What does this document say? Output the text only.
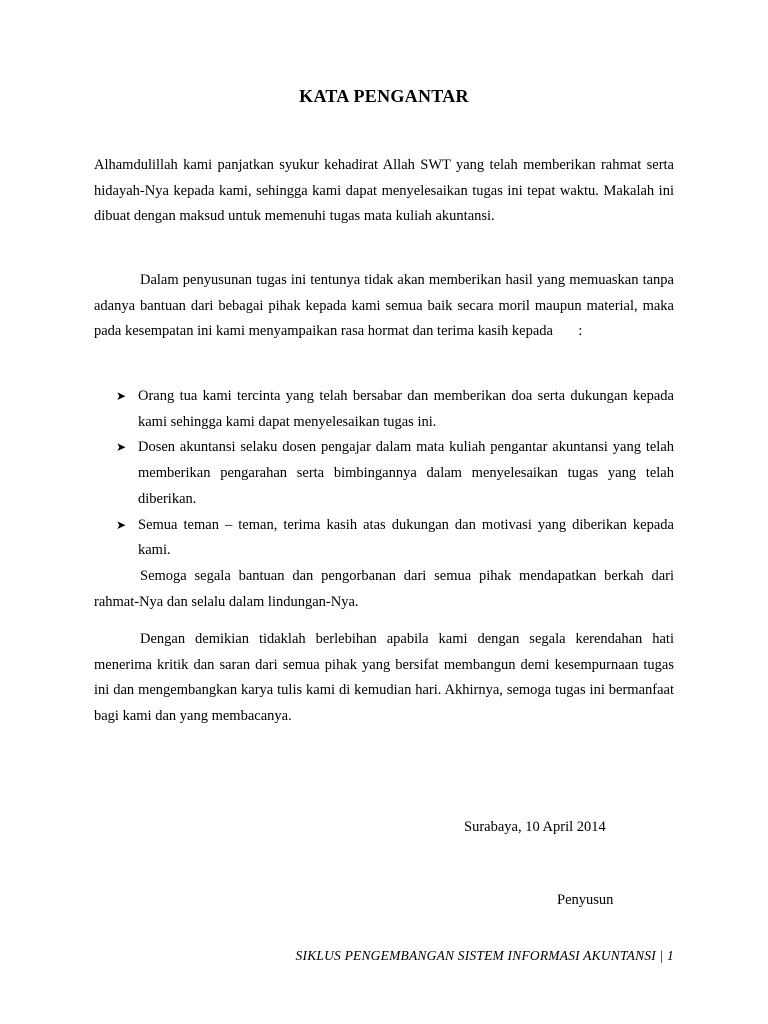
KATA PENGANTAR

Alhamdulillah kami panjatkan syukur kehadirat Allah SWT yang telah memberikan rahmat serta hidayah-Nya kepada kami, sehingga kami dapat menyelesaikan tugas ini tepat waktu. Makalah ini dibuat dengan maksud untuk memenuhi tugas mata kuliah akuntansi.

Dalam penyusunan tugas ini tentunya tidak akan memberikan hasil yang memuaskan tanpa adanya bantuan dari bebagai pihak kepada kami semua baik secara moril maupun material, maka pada kesempatan ini kami menyampaikan rasa hormat dan terima kasih kepada       :

➤ Orang tua kami tercinta yang telah bersabar dan memberikan doa serta dukungan kepada kami sehingga kami dapat menyelesaikan tugas ini.
➤ Dosen akuntansi selaku dosen pengajar dalam mata kuliah pengantar akuntansi yang telah memberikan pengarahan serta bimbingannya dalam menyelesaikan tugas yang telah diberikan.
➤ Semua teman – teman, terima kasih atas dukungan dan motivasi yang diberikan kepada kami.

Semoga segala bantuan dan pengorbanan dari semua pihak mendapatkan berkah dari rahmat-Nya dan selalu dalam lindungan-Nya.

Dengan demikian tidaklah berlebihan apabila kami dengan segala kerendahan hati menerima kritik dan saran dari semua pihak yang bersifat membangun demi kesempurnaan tugas ini dan mengembangkan karya tulis kami di kemudian hari. Akhirnya, semoga tugas ini bermanfaat bagi kami dan yang membacanya.

Surabaya, 10 April 2014
Penyusun
SIKLUS PENGEMBANGAN SISTEM INFORMASI AKUNTANSI | 1
